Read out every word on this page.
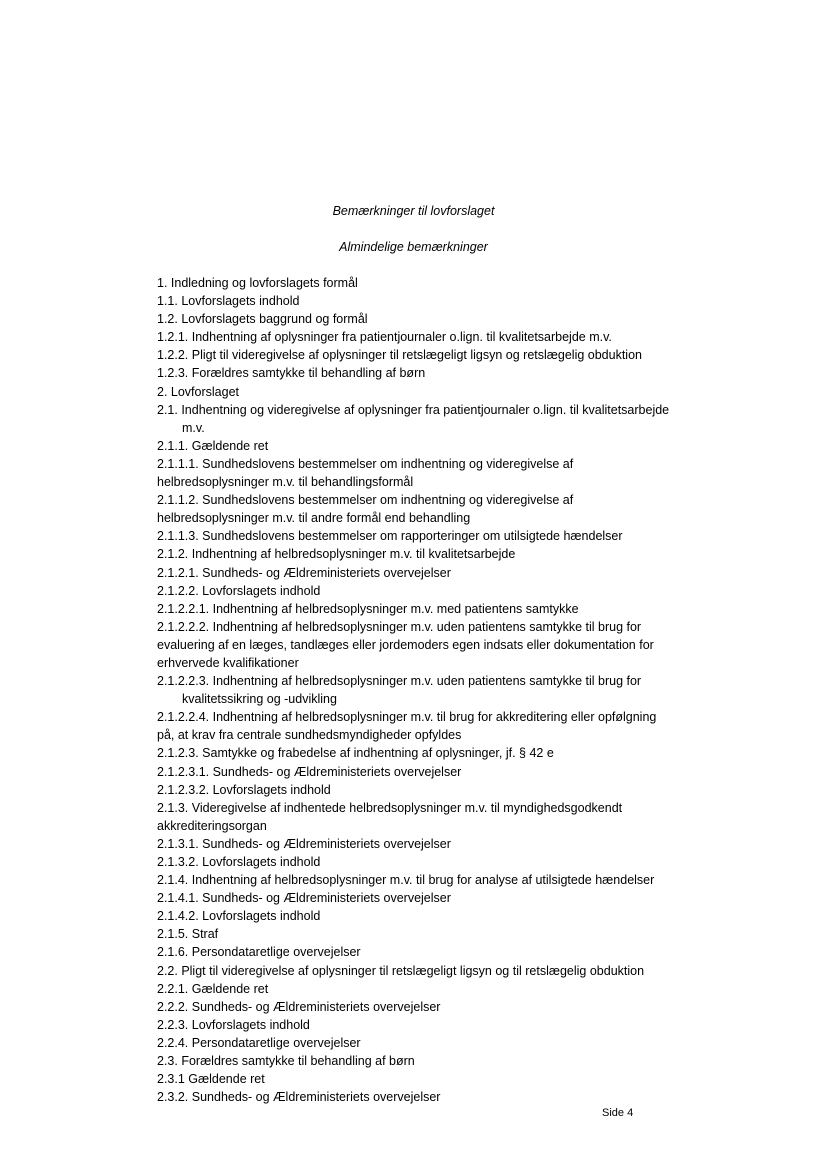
Bemærkninger til lovforslaget
Almindelige bemærkninger
1. Indledning og lovforslagets formål
1.1. Lovforslagets indhold
1.2. Lovforslagets baggrund og formål
1.2.1. Indhentning af oplysninger fra patientjournaler o.lign. til kvalitetsarbejde m.v.
1.2.2. Pligt til videregivelse af oplysninger til retslægeligt ligsyn og retslægelig obduktion
1.2.3. Forældres samtykke til behandling af børn
2. Lovforslaget
2.1. Indhentning og videregivelse af oplysninger fra patientjournaler o.lign. til kvalitetsarbejde m.v.
2.1.1. Gældende ret
2.1.1.1. Sundhedslovens bestemmelser om indhentning og videregivelse af helbredsoplysninger m.v. til behandlingsformål
2.1.1.2. Sundhedslovens bestemmelser om indhentning og videregivelse af helbredsoplysninger m.v. til andre formål end behandling
2.1.1.3. Sundhedslovens bestemmelser om rapporteringer om utilsigtede hændelser
2.1.2. Indhentning af helbredsoplysninger m.v. til kvalitetsarbejde
2.1.2.1. Sundheds- og Ældreministeriets overvejelser
2.1.2.2. Lovforslagets indhold
2.1.2.2.1. Indhentning af helbredsoplysninger m.v. med patientens samtykke
2.1.2.2.2. Indhentning af helbredsoplysninger m.v. uden patientens samtykke til brug for evaluering af en læges, tandlæges eller jordemoders egen indsats eller dokumentation for erhvervede kvalifikationer
2.1.2.2.3. Indhentning af helbredsoplysninger m.v. uden patientens samtykke til brug for kvalitetssikring og -udvikling
2.1.2.2.4. Indhentning af helbredsoplysninger m.v. til brug for akkreditering eller opfølgning på, at krav fra centrale sundhedsmyndigheder opfyldes
2.1.2.3. Samtykke og frabedelse af indhentning af oplysninger, jf. § 42 e
2.1.2.3.1. Sundheds- og Ældreministeriets overvejelser
2.1.2.3.2. Lovforslagets indhold
2.1.3. Videregivelse af indhentede helbredsoplysninger m.v. til myndighedsgodkendt akkrediteringsorgan
2.1.3.1. Sundheds- og Ældreministeriets overvejelser
2.1.3.2. Lovforslagets indhold
2.1.4. Indhentning af helbredsoplysninger m.v. til brug for analyse af utilsigtede hændelser
2.1.4.1. Sundheds- og Ældreministeriets overvejelser
2.1.4.2. Lovforslagets indhold
2.1.5. Straf
2.1.6. Persondataretlige overvejelser
2.2. Pligt til videregivelse af oplysninger til retslægeligt ligsyn og til retslægelig obduktion
2.2.1. Gældende ret
2.2.2. Sundheds- og Ældreministeriets overvejelser
2.2.3. Lovforslagets indhold
2.2.4. Persondataretlige overvejelser
2.3. Forældres samtykke til behandling af børn
2.3.1 Gældende ret
2.3.2. Sundheds- og Ældreministeriets overvejelser
Side 4
